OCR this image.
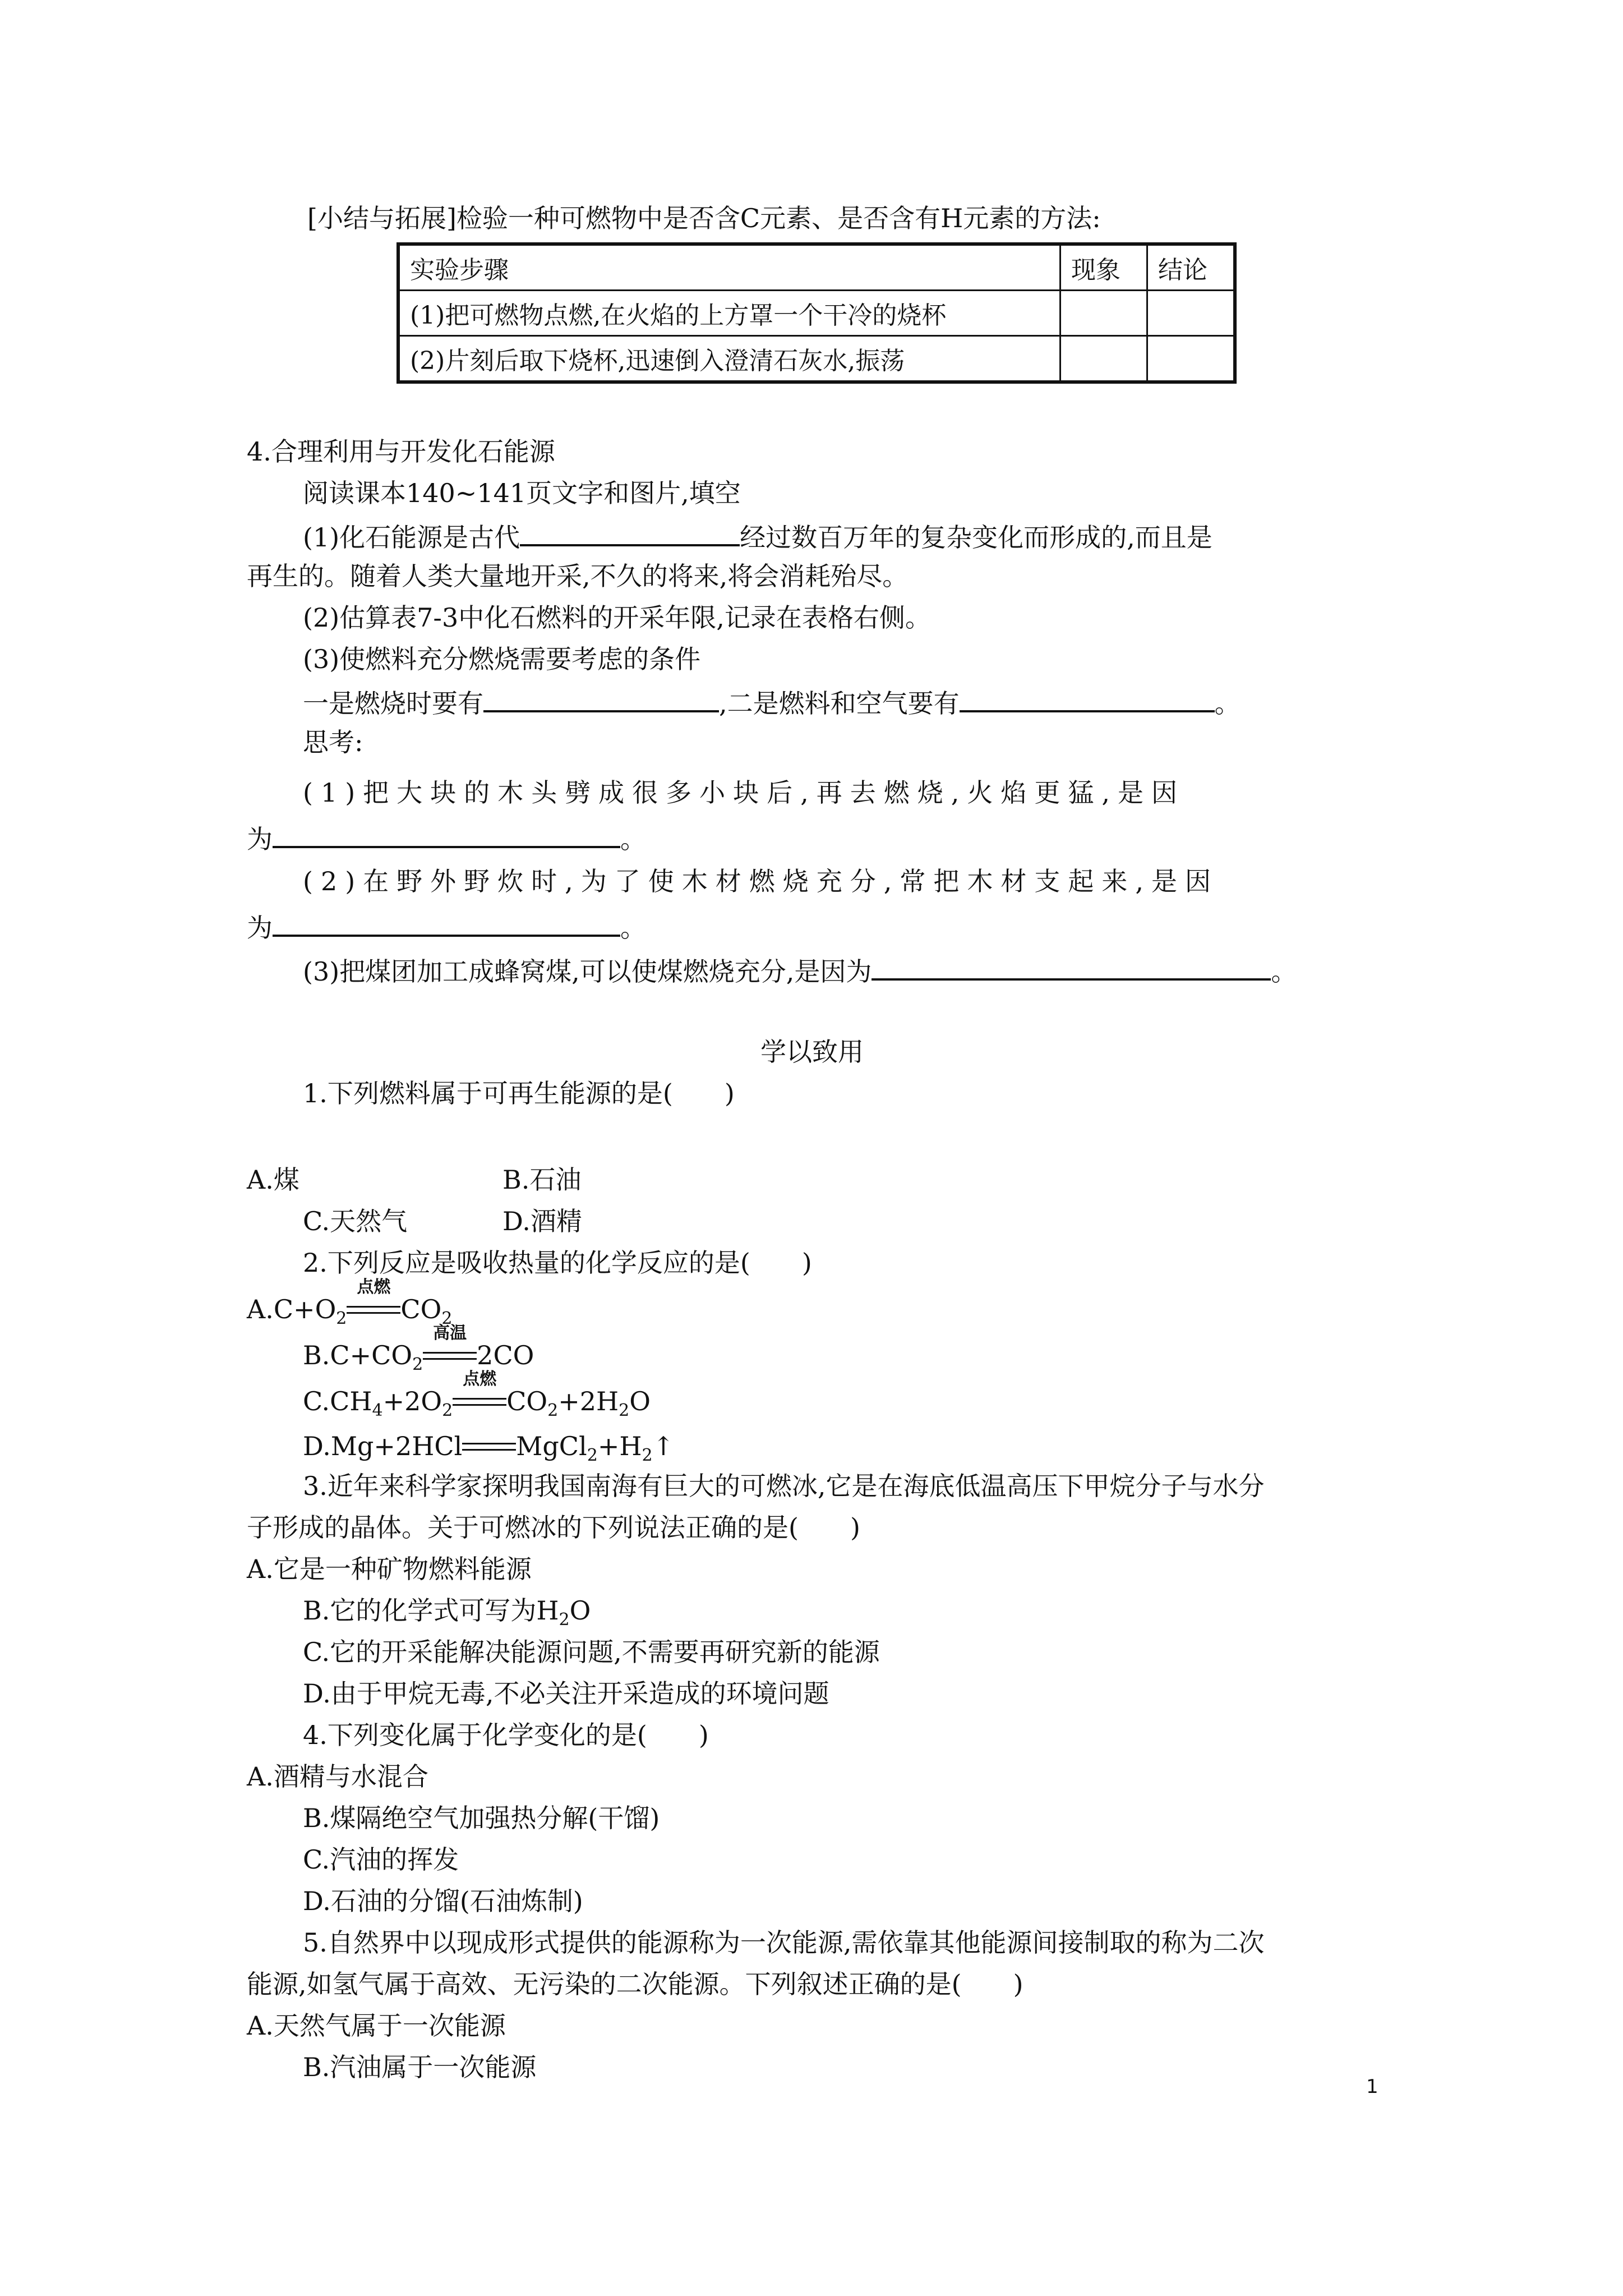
[小结与拓展]检验一种可燃物中是否含C元素、是否含有H元素的方法:
实验步骤	现象	结论
(1)把可燃物点燃,在火焰的上方罩一个干冷的烧杯		
(2)片刻后取下烧杯,迅速倒入澄清石灰水,振荡		
4.合理利用与开发化石能源
阅读课本140~141页文字和图片,填空
(1)化石能源是古代	经过数百万年的复杂变化而形成的,而且是
再生的。随着人类大量地开采,不久的将来,将会消耗殆尽。
(2)估算表7-3中化石燃料的开采年限,记录在表格右侧。
(3)使燃料充分燃烧需要考虑的条件
一是燃烧时要有	,二是燃料和空气要有	。
思考:
(1)把大块的木头劈成很多小块后,再去燃烧,火焰更猛,是因
为	。
(2)在野外野炊时,为了使木材燃烧充分,常把木材支起来,是因
为	。
(3)把煤团加工成蜂窝煤,可以使煤燃烧充分,是因为	。
学以致用
1.下列燃料属于可再生能源的是(　　)
A.煤	B.石油
C.天然气	D.酒精
2.下列反应是吸收热量的化学反应的是(　　)
$A.C+O_2$
点燃
$CO_2$
$B.C+CO_2$
高温
2CO
$C.CH_4+2O_2$
点燃
$CO_2+2H_2O$
D.Mg+2HCl $MgCl_2+H_2↑$
3.近年来科学家探明我国南海有巨大的可燃冰,它是在海底低温高压下甲烷分子与水分
子形成的晶体。关于可燃冰的下列说法正确的是(　　)
A.它是一种矿物燃料能源
B.它的化学式可写为$H_2O$
C.它的开采能解决能源问题,不需要再研究新的能源
D.由于甲烷无毒,不必关注开采造成的环境问题
4.下列变化属于化学变化的是(　　)
A.酒精与水混合
B.煤隔绝空气加强热分解(干馏)
C.汽油的挥发
D.石油的分馏(石油炼制)
5.自然界中以现成形式提供的能源称为一次能源,需依靠其他能源间接制取的称为二次
能源,如氢气属于高效、无污染的二次能源。下列叙述正确的是(　　)
A.天然气属于一次能源
B.汽油属于一次能源
1
